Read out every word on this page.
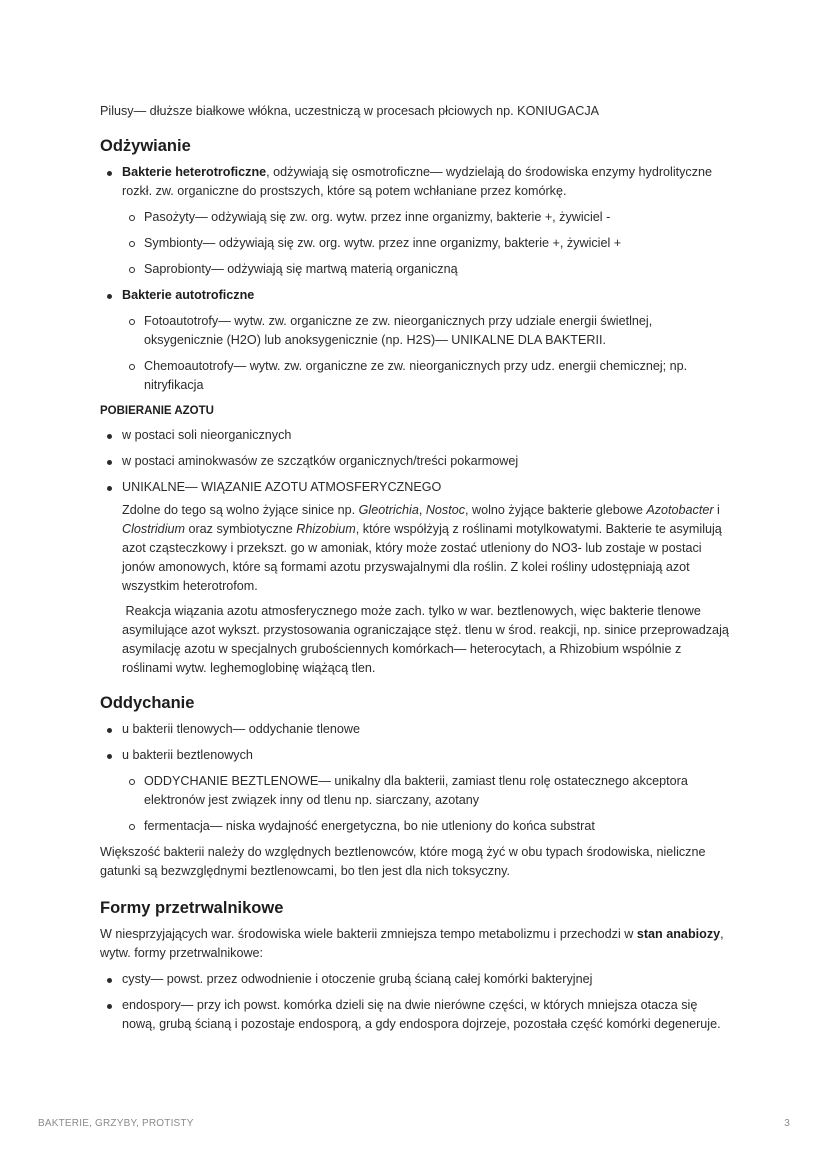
Pilusy— dłuższe białkowe włókna, uczestniczą w procesach płciowych np. KONIUGACJA

Odżywianie
Bakterie heterotroficzne, odżywiają się osmotroficzne— wydzielają do środowiska enzymy hydrolityczne rozkł. zw. organiczne do prostszych, które są potem wchłaniane przez komórkę.
Pasożyty— odżywiają się zw. org. wytw. przez inne organizmy, bakterie +, żywiciel -
Symbionty— odżywiają się zw. org. wytw. przez inne organizmy, bakterie +, żywiciel +
Saprobionty— odżywiają się martwą materią organiczną
Bakterie autotroficzne
Fotoautotrofy— wytw. zw. organiczne ze zw. nieorganicznych przy udziale energii świetlnej, oksygenicznie (H2O) lub anoksygenicznie (np. H2S)— UNIKALNE DLA BAKTERII.
Chemoautotrofy— wytw. zw. organiczne ze zw. nieorganicznych przy udz. energii chemicznej; np. nitryfikacja
POBIERANIE AZOTU
w postaci soli nieorganicznych
w postaci aminokwasów ze szczątków organicznych/treści pokarmowej
UNIKALNE— WIĄZANIE AZOTU ATMOSFERYCZNEGO

Zdolne do tego są wolno żyjące sinice np. Gleotrichia, Nostoc, wolno żyjące bakterie glebowe Azotobacter i Clostridium oraz symbiotyczne Rhizobium, które współżyją z roślinami motylkowatymi. Bakterie te asymilują azot cząsteczkowy i przekszt. go w amoniak, który może zostać utleniony do NO3- lub zostaje w postaci jonów amonowych, które są formami azotu przyswajalnymi dla roślin. Z kolei rośliny udostępniają azot wszystkim heterotrofom.

Reakcja wiązania azotu atmosferycznego może zach. tylko w war. beztlenowych, więc bakterie tlenowe asymilujące azot wykszt. przystosowania ograniczające stęż. tlenu w środ. reakcji, np. sinice przeprowadzają asymilację azotu w specjalnych grubościennych komórkach— heterocytach, a Rhizobium wspólnie z roślinami wytw. leghemoglobinę wiążącą tlen.

Oddychanie
u bakterii tlenowych— oddychanie tlenowe
u bakterii beztlenowych
ODDYCHANIE BEZTLENOWE— unikalny dla bakterii, zamiast tlenu rolę ostatecznego akceptora elektronów jest związek inny od tlenu np. siarczany, azotany
fermentacja— niska wydajność energetyczna, bo nie utleniony do końca substrat

Większość bakterii należy do względnych beztlenowców, które mogą żyć w obu typach środowiska, nieliczne gatunki są bezwzględnymi beztlenowcami, bo tlen jest dla nich toksyczny.

Formy przetrwalnikowe

W niesprzyjających war. środowiska wiele bakterii zmniejsza tempo metabolizmu i przechodzi w stan anabiozy, wytw. formy przetrwalnikowe:

cysty— powst. przez odwodnienie i otoczenie grubą ścianą całej komórki bakteryjnej
endospory— przy ich powst. komórka dzieli się na dwie nierówne części, w których mniejsza otacza się nową, grubą ścianą i pozostaje endosporą, a gdy endospora dojrzeje, pozostała część komórki degeneruje.
BAKTERIE, GRZYBY, PROTISTY	3
